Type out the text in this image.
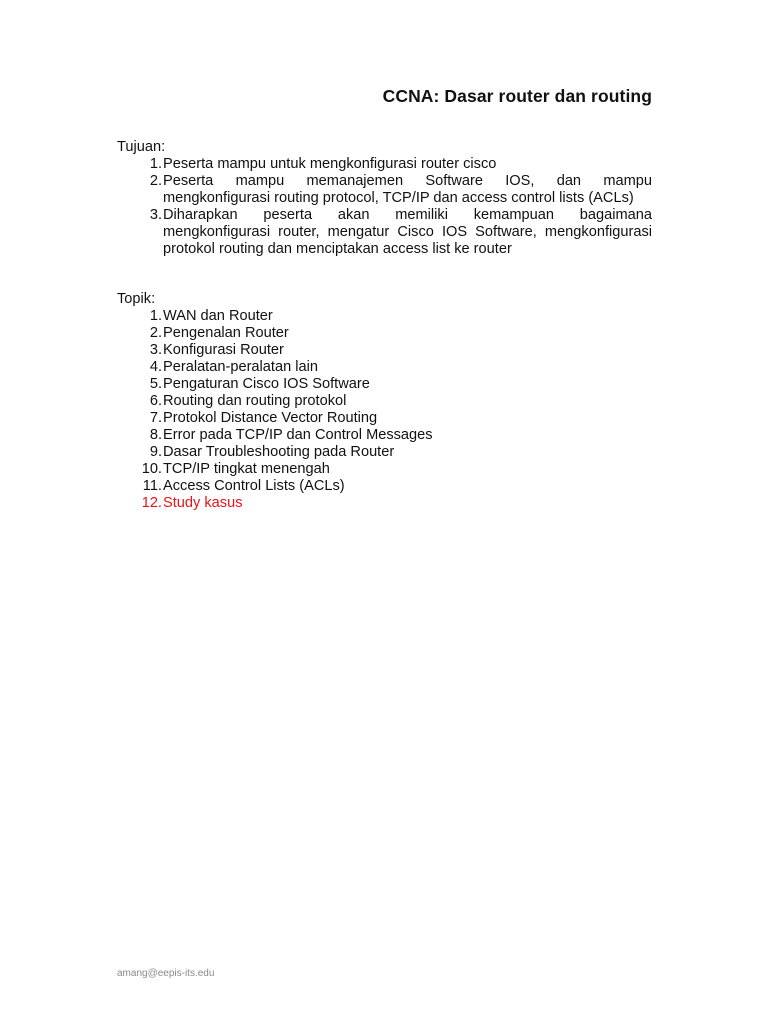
CCNA: Dasar router dan routing

Tujuan:

1. Peserta mampu untuk mengkonfigurasi router cisco
2. Peserta mampu memanajemen Software IOS, dan mampu mengkonfigurasi routing protocol, TCP/IP dan access control lists (ACLs)
3. Diharapkan peserta akan memiliki kemampuan bagaimana mengkonfigurasi router, mengatur Cisco IOS Software, mengkonfigurasi protokol routing dan menciptakan access list ke router

Topik:

1. WAN dan Router
2. Pengenalan Router
3. Konfigurasi Router
4. Peralatan-peralatan lain
5. Pengaturan Cisco IOS Software
6. Routing dan routing protokol
7. Protokol Distance Vector Routing
8. Error pada TCP/IP dan Control Messages
9. Dasar Troubleshooting pada Router
10. TCP/IP tingkat menengah
11. Access Control Lists (ACLs)
12. Study kasus
amang@eepis-its.edu
